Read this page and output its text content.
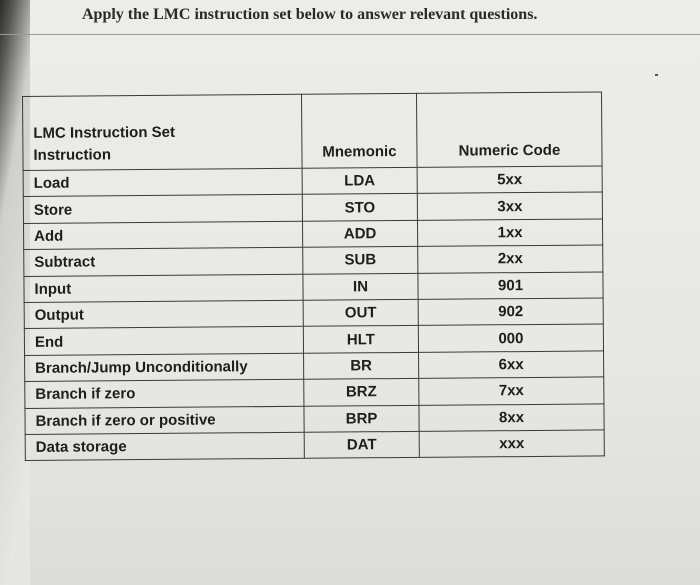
Apply the LMC instruction set below to answer relevant questions.
LMC Instruction Set
Instruction	Mnemonic	Numeric Code
Load	LDA	5xx
Store	STO	3xx
Add	ADD	1xx
Subtract	SUB	2xx
Input	IN	901
Output	OUT	902
End	HLT	000
Branch/Jump Unconditionally	BR	6xx
Branch if zero	BRZ	7xx
Branch if zero or positive	BRP	8xx
Data storage	DAT	xxx
